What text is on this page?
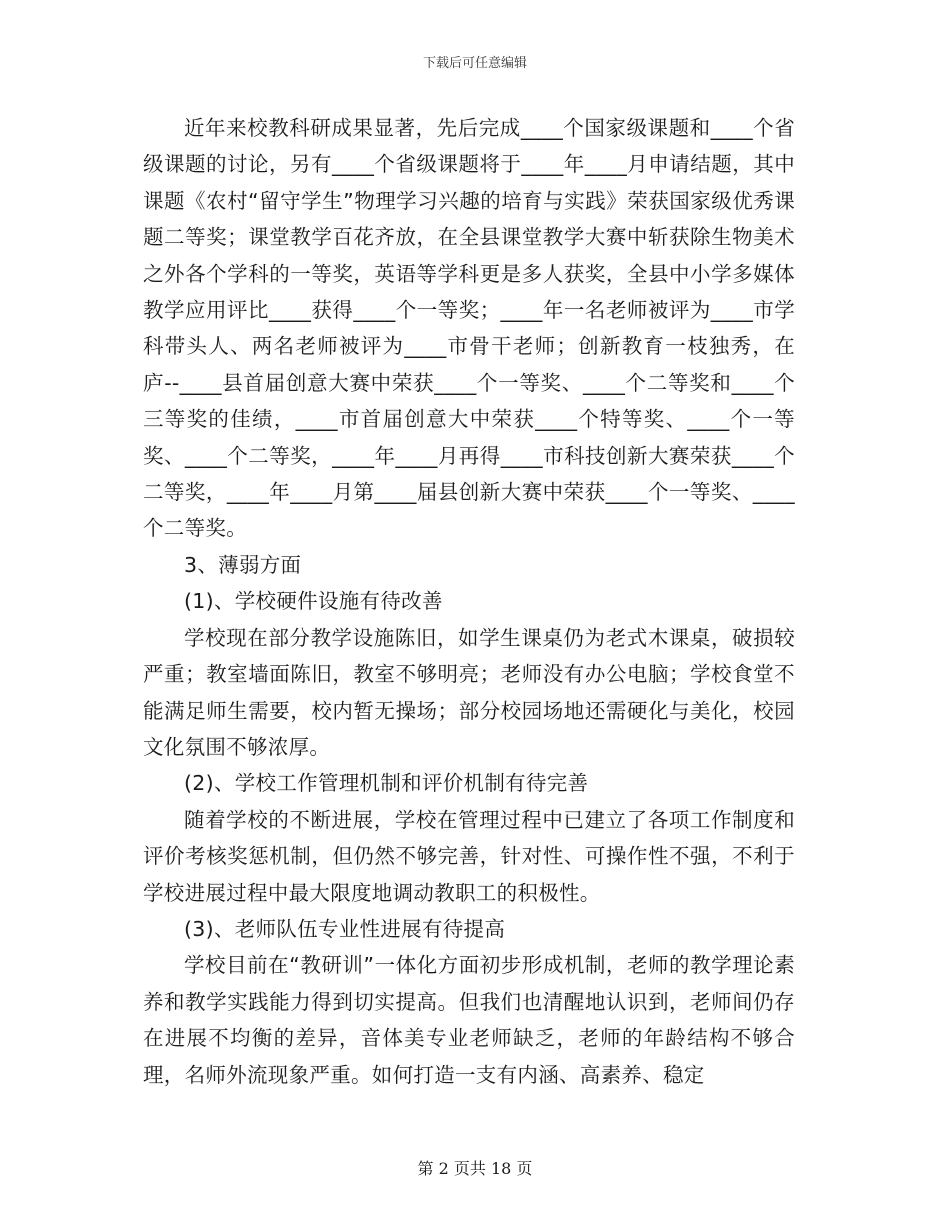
下载后可任意编辑

近年来校教科研成果显著，先后完成____个国家级课题和____个省级课题的讨论，另有____个省级课题将于____年____月申请结题，其中课题《农村“留守学生”物理学习兴趣的培育与实践》荣获国家级优秀课题二等奖；课堂教学百花齐放，在全县课堂教学大赛中斩获除生物美术之外各个学科的一等奖，英语等学科更是多人获奖，全县中小学多媒体教学应用评比____获得____个一等奖；____年一名老师被评为____市学科带头人、两名老师被评为____市骨干老师；创新教育一枝独秀，在庐--____县首届创意大赛中荣获____个一等奖、____个二等奖和____个三等奖的佳绩，____市首届创意大中荣获____个特等奖、____个一等奖、____个二等奖，____年____月再得____市科技创新大赛荣获____个二等奖，____年____月第____届县创新大赛中荣获____个一等奖、____个二等奖。

3、薄弱方面

(1)、学校硬件设施有待改善

学校现在部分教学设施陈旧，如学生课桌仍为老式木课桌，破损较严重；教室墙面陈旧，教室不够明亮；老师没有办公电脑；学校食堂不能满足师生需要，校内暂无操场；部分校园场地还需硬化与美化，校园文化氛围不够浓厚。

(2)、学校工作管理机制和评价机制有待完善

随着学校的不断进展，学校在管理过程中已建立了各项工作制度和评价考核奖惩机制，但仍然不够完善，针对性、可操作性不强，不利于学校进展过程中最大限度地调动教职工的积极性。

(3)、老师队伍专业性进展有待提高

学校目前在“教研训”一体化方面初步形成机制，老师的教学理论素养和教学实践能力得到切实提高。但我们也清醒地认识到，老师间仍存在进展不均衡的差异，音体美专业老师缺乏，老师的年龄结构不够合理，名师外流现象严重。如何打造一支有内涵、高素养、稳定

第 2 页共 18 页
